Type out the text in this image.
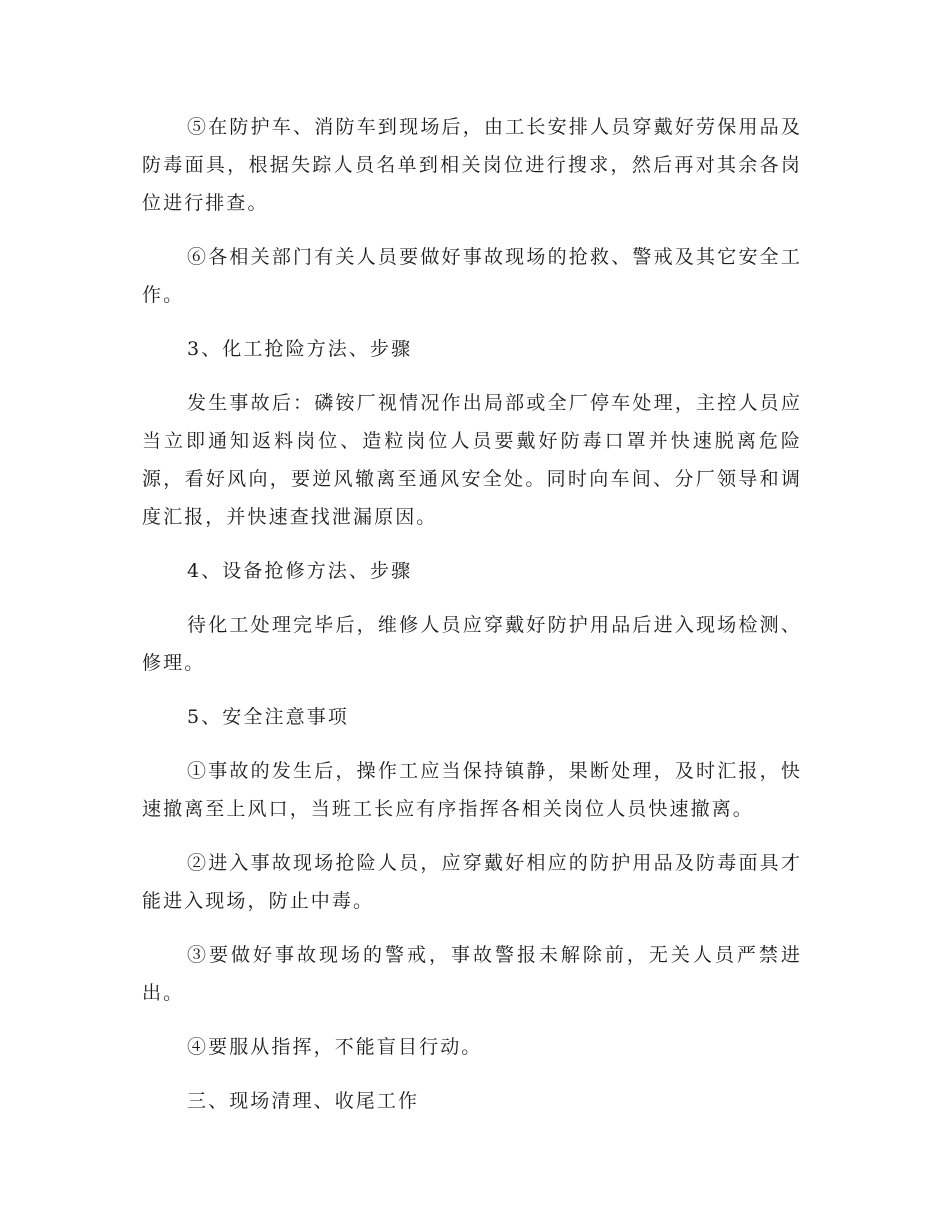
⑤在防护车、消防车到现场后，由工长安排人员穿戴好劳保用品及防毒面具，根据失踪人员名单到相关岗位进行搜求，然后再对其余各岗位进行排查。

⑥各相关部门有关人员要做好事故现场的抢救、警戒及其它安全工作。

3、化工抢险方法、步骤

发生事故后：磷铵厂视情况作出局部或全厂停车处理，主控人员应当立即通知返料岗位、造粒岗位人员要戴好防毒口罩并快速脱离危险源，看好风向，要逆风辙离至通风安全处。同时向车间、分厂领导和调度汇报，并快速查找泄漏原因。

4、设备抢修方法、步骤

待化工处理完毕后，维修人员应穿戴好防护用品后进入现场检测、修理。

5、安全注意事项

①事故的发生后，操作工应当保持镇静，果断处理，及时汇报，快速撤离至上风口，当班工长应有序指挥各相关岗位人员快速撤离。

②进入事故现场抢险人员，应穿戴好相应的防护用品及防毒面具才能进入现场，防止中毒。

③要做好事故现场的警戒，事故警报未解除前，无关人员严禁进出。

④要服从指挥，不能盲目行动。

三、现场清理、收尾工作
